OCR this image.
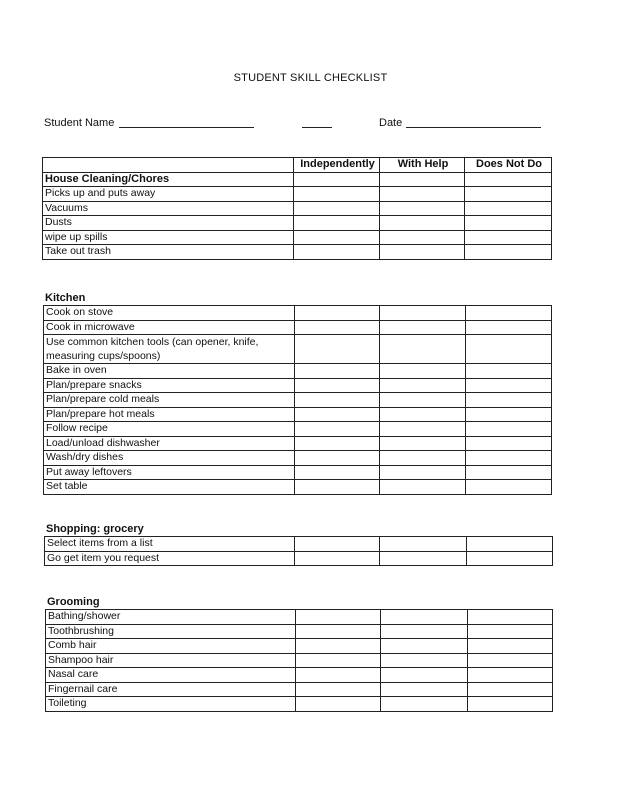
STUDENT SKILL CHECKLIST
Student Name	Date
	Independently	With Help	Does Not Do
House Cleaning/Chores			
Picks up and puts away			
Vacuums			
Dusts			
wipe up spills			
Take out trash			
Kitchen
Cook on stove			
Cook in microwave			
Use common kitchen tools (can opener, knife, measuring cups/spoons)			
Bake in oven			
Plan/prepare snacks			
Plan/prepare cold meals			
Plan/prepare hot meals			
Follow recipe			
Load/unload dishwasher			
Wash/dry dishes			
Put away leftovers			
Set table			
Shopping: grocery
Select items from a list			
Go get item you request			
Grooming
Bathing/shower			
Toothbrushing			
Comb hair			
Shampoo hair			
Nasal care			
Fingernail care			
Toileting			
